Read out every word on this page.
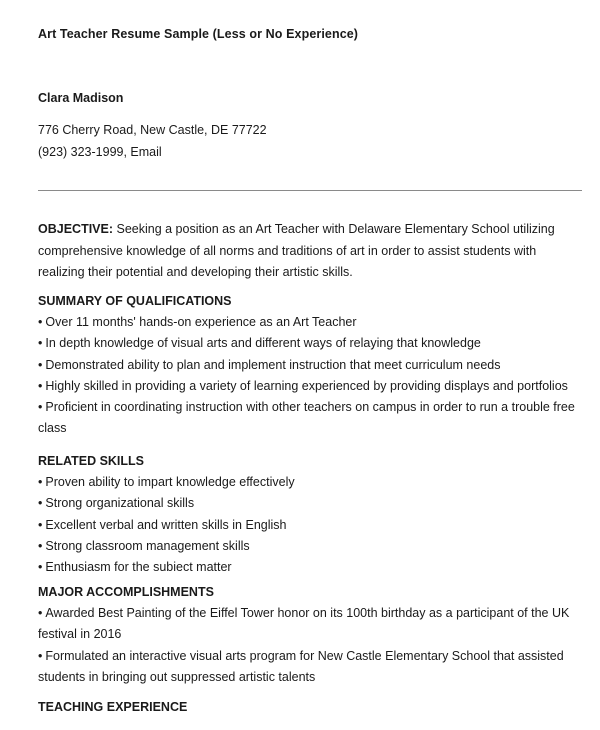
Art Teacher Resume Sample (Less or No Experience)
Clara Madison
776 Cherry Road, New Castle, DE 77722
(923) 323-1999, Email
OBJECTIVE: Seeking a position as an Art Teacher with Delaware Elementary School utilizing comprehensive knowledge of all norms and traditions of art in order to assist students with realizing their potential and developing their artistic skills.
SUMMARY OF QUALIFICATIONS
• Over 11 months' hands-on experience as an Art Teacher
• In depth knowledge of visual arts and different ways of relaying that knowledge
• Demonstrated ability to plan and implement instruction that meet curriculum needs
• Highly skilled in providing a variety of learning experienced by providing displays and portfolios
• Proficient in coordinating instruction with other teachers on campus in order to run a trouble free class
RELATED SKILLS
• Proven ability to impart knowledge effectively
• Strong organizational skills
• Excellent verbal and written skills in English
• Strong classroom management skills
• Enthusiasm for the subiect matter
MAJOR ACCOMPLISHMENTS
• Awarded Best Painting of the Eiffel Tower honor on its 100th birthday as a participant of the UK festival in 2016
• Formulated an interactive visual arts program for New Castle Elementary School that assisted students in bringing out suppressed artistic talents
TEACHING EXPERIENCE
